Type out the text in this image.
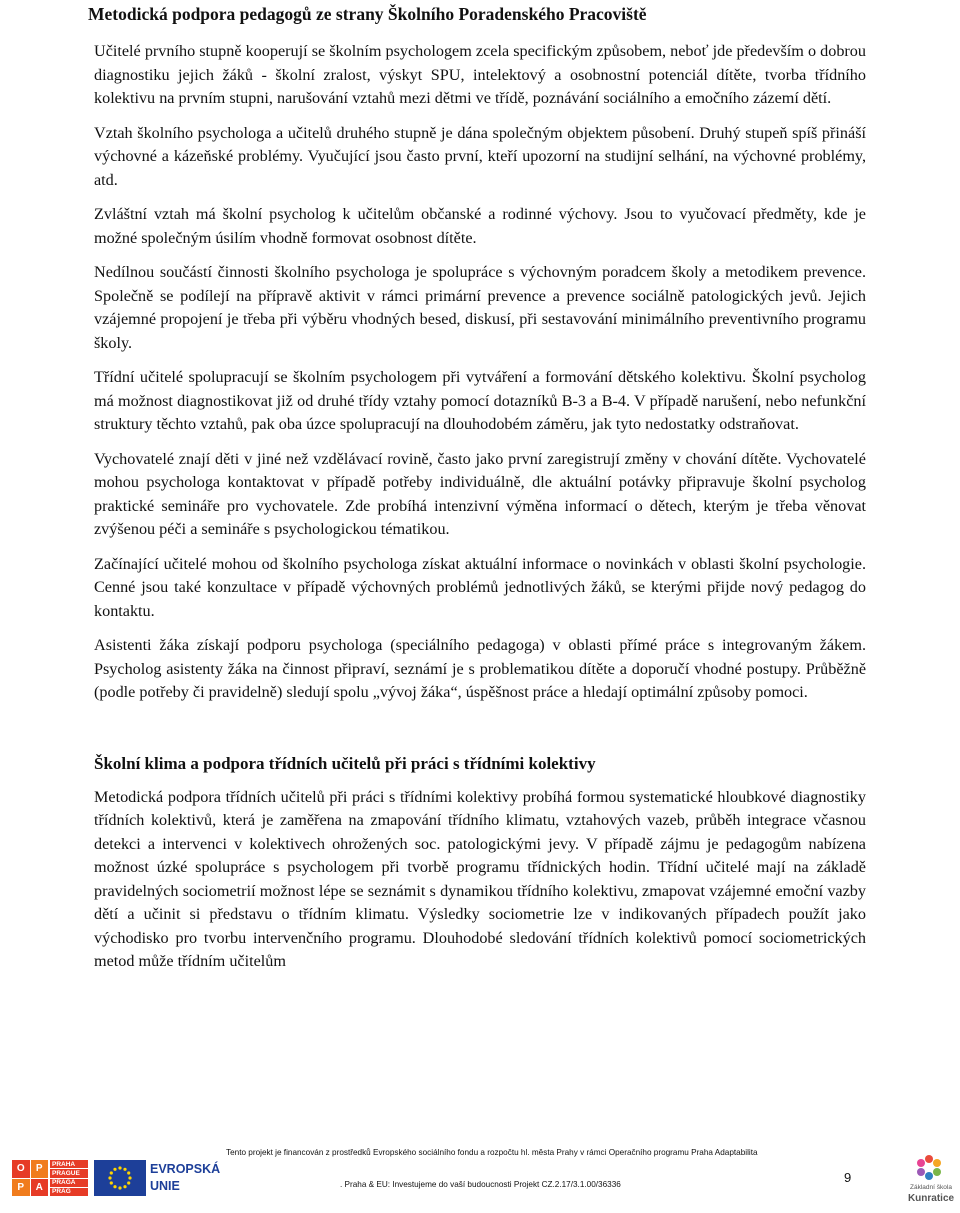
Metodická podpora pedagogů ze strany Školního Poradenského Pracoviště

Učitelé prvního stupně kooperují se školním psychologem zcela specifickým způsobem, neboť jde především o dobrou diagnostiku jejich žáků - školní zralost, výskyt SPU, intelektový a osobnostní potenciál dítěte, tvorba třídního kolektivu na prvním stupni, narušování vztahů mezi dětmi ve třídě, poznávání sociálního a emočního zázemí dětí.

Vztah školního psychologa a učitelů druhého stupně je dána společným objektem působení. Druhý stupeň spíš přináší výchovné a kázeňské problémy. Vyučující jsou často první, kteří upozorní na studijní selhání, na výchovné problémy, atd.

Zvláštní vztah má školní psycholog k učitelům občanské a rodinné výchovy. Jsou to vyučovací předměty, kde je možné společným úsilím vhodně formovat osobnost dítěte.

Nedílnou součástí činnosti školního psychologa je spolupráce s výchovným poradcem školy a metodikem prevence. Společně se podílejí na přípravě aktivit v rámci primární prevence a prevence sociálně patologických jevů. Jejich vzájemné propojení je třeba při výběru vhodných besed, diskusí, při sestavování minimálního preventivního programu školy.

Třídní učitelé spolupracují se školním psychologem při vytváření a formování dětského kolektivu. Školní psycholog má možnost diagnostikovat již od druhé třídy vztahy pomocí dotazníků B-3 a B-4. V případě narušení, nebo nefunkční struktury těchto vztahů, pak oba úzce spolupracují na dlouhodobém záměru, jak tyto nedostatky odstraňovat.

Vychovatelé znají děti v jiné než vzdělávací rovině, často jako první zaregistrují změny v chování dítěte. Vychovatelé mohou psychologa kontaktovat v případě potřeby individuálně, dle aktuální potávky připravuje školní psycholog praktické semináře pro vychovatele. Zde probíhá intenzivní výměna informací o dětech, kterým je třeba věnovat zvýšenou péči a semináře s psychologickou tématikou.

Začínající učitelé mohou od školního psychologa získat aktuální informace o novinkách v oblasti školní psychologie. Cenné jsou také konzultace v případě výchovných problémů jednotlivých žáků, se kterými přijde nový pedagog do kontaktu.

Asistenti žáka získají podporu psychologa (speciálního pedagoga) v oblasti přímé práce s integrovaným žákem. Psycholog asistenty žáka na činnost připraví, seznámí je s problematikou dítěte a doporučí vhodné postupy. Průběžně (podle potřeby či pravidelně) sledují spolu „vývoj žáka“, úspěšnost práce a hledají optimální způsoby pomoci.

Školní klima a podpora třídních učitelů při práci s třídními kolektivy

Metodická podpora třídních učitelů při práci s třídními kolektivy probíhá formou systematické hloubkové diagnostiky třídních kolektivů, která je zaměřena na zmapování třídního klimatu, vztahových vazeb, průběh integrace včasnou detekci a intervenci v kolektivech ohrožených soc. patologickými jevy. V případě zájmu je pedagogům nabízena možnost úzké spolupráce s psychologem při tvorbě programu třídnických hodin. Třídní učitelé mají na základě pravidelných sociometrií možnost lépe se seznámit s dynamikou třídního kolektivu, zmapovat vzájemné emoční vazby dětí a učinit si představu o třídním klimatu. Výsledky sociometrie lze v indikovaných případech použít jako východisko pro tvorbu intervenčního programu. Dlouhodobé sledování třídních kolektivů pomocí sociometrických metod může třídním učitelům

O	P
P	A
PRAHA
PRAGUE
PRAGA
PRAG
EVROPSKÁ
UNIE
Tento projekt je financován z prostředků Evropského sociálního fondu a rozpočtu hl. města Prahy v rámci Operačního programu Praha Adaptabilita
. Praha & EU: Investujeme do vaší budoucnosti Projekt CZ.2.17/3.1.00/36336	9
Základní škola
Kunratice
